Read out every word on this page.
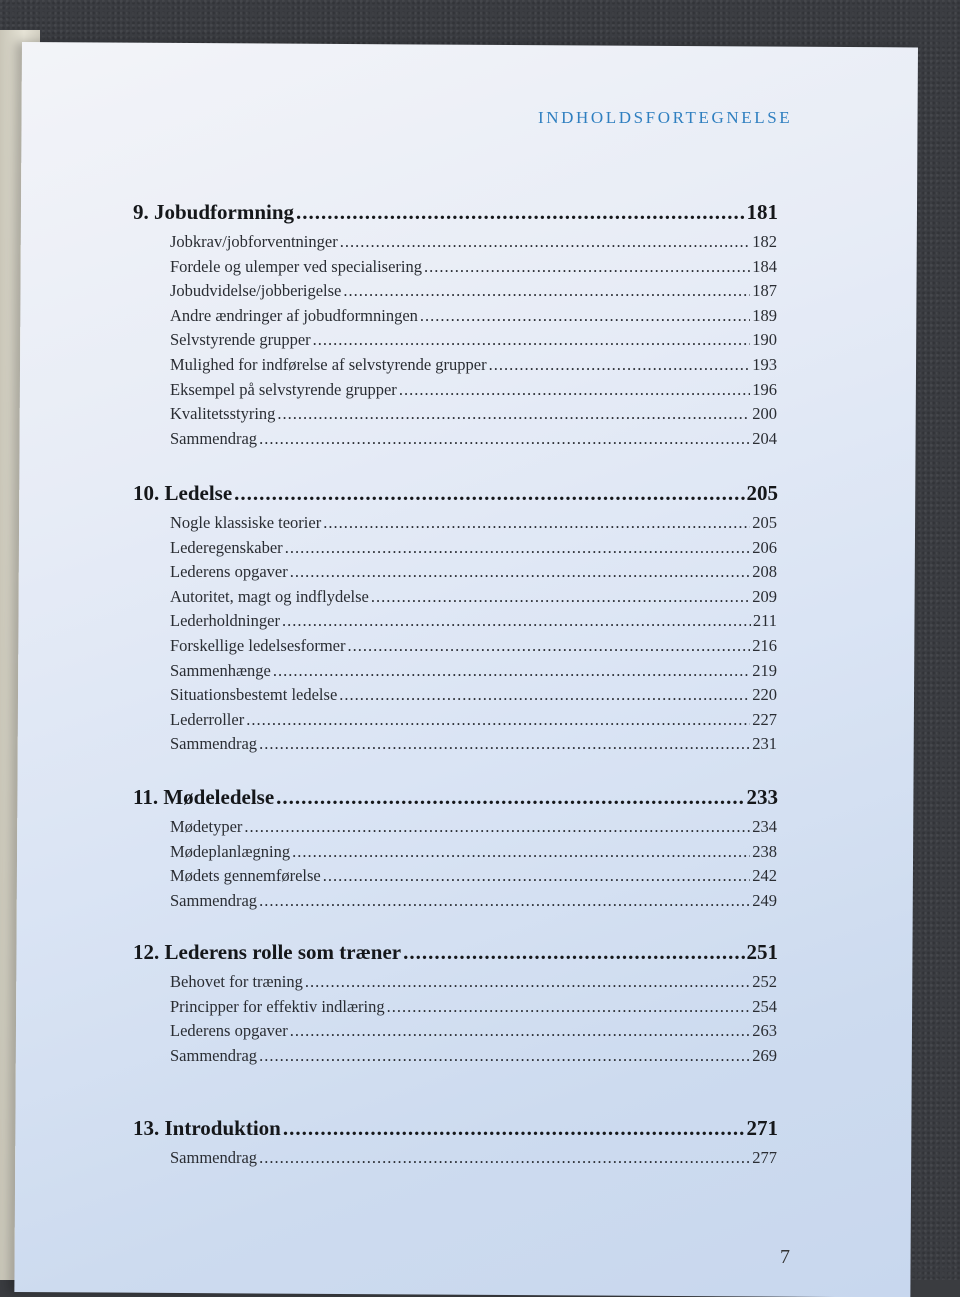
INDHOLDSFORTEGNELSE
9. Jobudformning .....	181
Jobkrav/jobforventninger .....	182
Fordele og ulemper ved specialisering .....	184
Jobudvidelse/jobberigelse .....	187
Andre ændringer af jobudformningen .....	189
Selvstyrende grupper .....	190
Mulighed for indførelse af selvstyrende grupper .....	193
Eksempel på selvstyrende grupper .....	196
Kvalitetsstyring .....	200
Sammendrag .....	204
10. Ledelse .....	205
Nogle klassiske teorier .....	205
Lederegenskaber .....	206
Lederens opgaver .....	208
Autoritet, magt og indflydelse .....	209
Lederholdninger .....	211
Forskellige ledelsesformer .....	216
Sammenhænge .....	219
Situationsbestemt ledelse .....	220
Lederroller .....	227
Sammendrag .....	231
11. Mødeledelse .....	233
Mødetyper .....	234
Mødeplanlægning .....	238
Mødets gennemførelse .....	242
Sammendrag .....	249
12. Lederens rolle som træner .....	251
Behovet for træning .....	252
Principper for effektiv indlæring .....	254
Lederens opgaver .....	263
Sammendrag .....	269
13. Introduktion .....	271
Sammendrag .....	277
7
